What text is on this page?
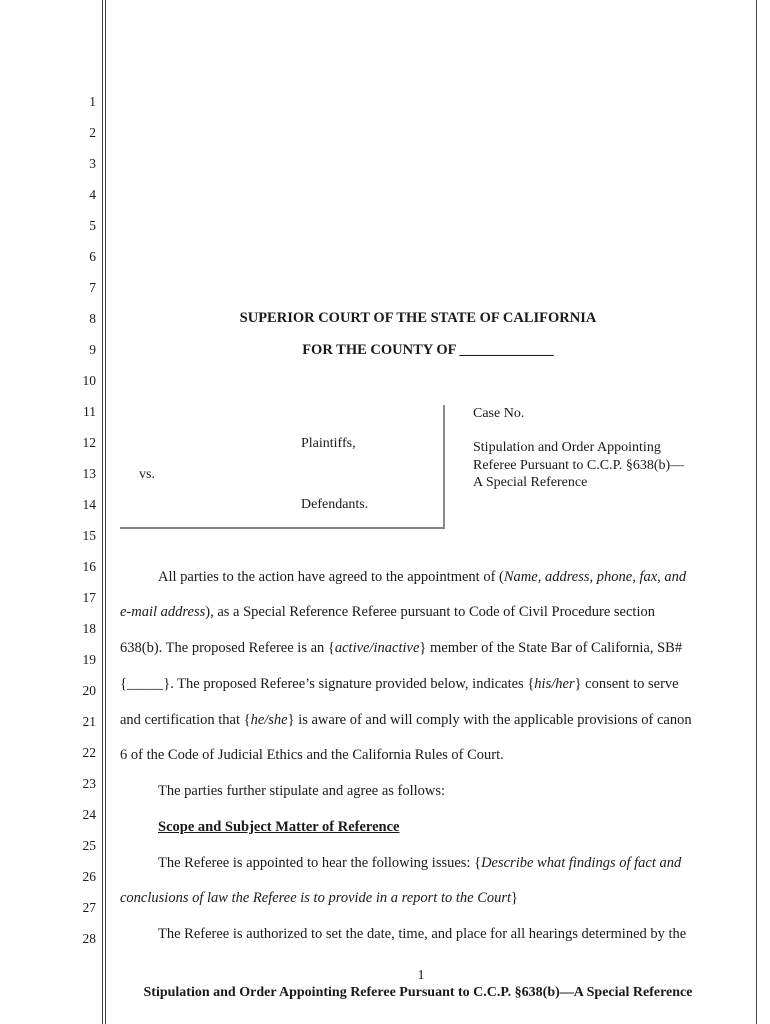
1
2
3
4
5
6
7
8
9
10
11
12
13
14
15
16
17
18
19
20
21
22
23
24
25
26
27
28
SUPERIOR COURT OF THE STATE OF CALIFORNIA
FOR THE COUNTY OF _____________
Plaintiffs,
vs.
Defendants.
Case No.
Stipulation and Order Appointing
Referee Pursuant to C.C.P. §638(b)—
A Special Reference
All parties to the action have agreed to the appointment of (Name, address, phone, fax, and
e-mail address), as a Special Reference Referee pursuant to Code of Civil Procedure section
638(b). The proposed Referee is an {active/inactive} member of the State Bar of California, SB#
{_____}. The proposed Referee’s signature provided below, indicates {his/her} consent to serve
and certification that {he/she} is aware of and will comply with the applicable provisions of canon
6 of the Code of Judicial Ethics and the California Rules of Court.
The parties further stipulate and agree as follows:
Scope and Subject Matter of Reference
The Referee is appointed to hear the following issues: {Describe what findings of fact and
conclusions of law the Referee is to provide in a report to the Court}
The Referee is authorized to set the date, time, and place for all hearings determined by the
1
Stipulation and Order Appointing Referee Pursuant to C.C.P. §638(b)—A Special Reference
